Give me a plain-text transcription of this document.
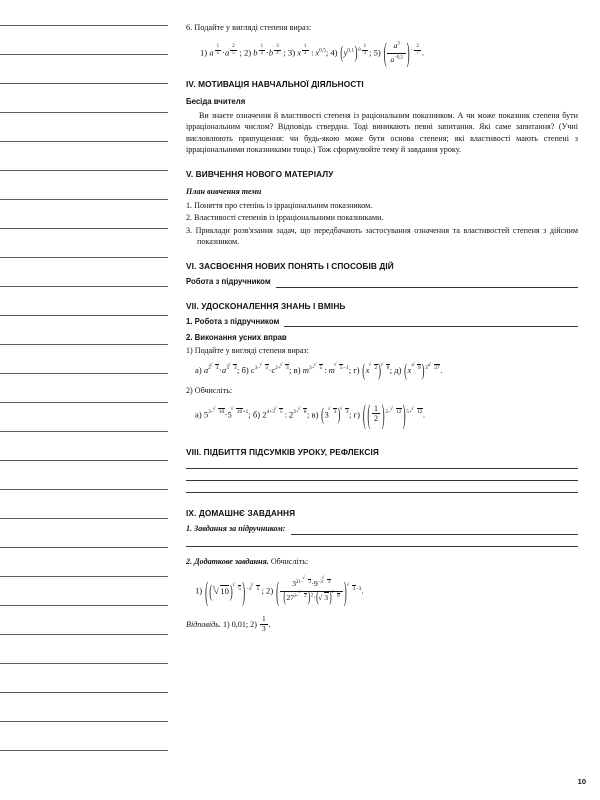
6. Подайте у вигляді степеня вираз:
1) a $^{\frac{1}{5}}$ ·a $^{\frac{2}{5}}$  ; 2) b $^{\frac{1}{2}}$ ·b $^{\frac{3}{4}}$  ; 3) x $^{\frac{1}{2}}$  : $x^{0,5}$; 4) $(y^{0,1})^{0 \frac{1}{3}}$ ; 5) ( $\frac{a^3}{a^{-0,5}} )^{- \frac{2}{7}}$ .
IV. МОТИВАЦІЯ НАВЧАЛЬНОЇ ДІЯЛЬНОСТІ
Бесіда вчителя

Ви знаєте означення й властивості степеня із раціональним показником. А чи може показник степеня бути ірраціональним числом? Відповідь ствердна. Тоді виникають певні запитання. Які саме запитання? (Учні висловлюють припущення: чи будь-якою може бути основа степеня; які властивості мають степені з ірраціональними показниками тощо.) Тож сформулюйте тему й завдання уроку.

V. ВИВЧЕННЯ НОВОГО МАТЕРІАЛУ
План вивчення теми

1. Поняття про степінь із ірраціональним показником.

2. Властивості степенів із ірраціональними показниками.

3. Приклади розв'язання задач, що передбачають застосування означення та властивостей степеня з дійсним показником.

VI. ЗАСВОЄННЯ НОВИХ ПОНЯТЬ І СПОСОБІВ ДІЙ
Робота з підручником
VII. УДОСКОНАЛЕННЯ ЗНАНЬ І ВМІНЬ
1. Робота з підручником
2. Виконання усних вправ

1) Подайте у вигляді степеня вираз:

а) $a^{2 √ 3}\cdot a^{3 √ 3}$; б) $c^{3- √ 3}\cdot c^{2+ √ 3}$; в) $m^{3+ √ 5}$ : m √ $^{5-1}$; г) (x √ $^2$) √ $^8$; д) $(x^{^4 √ 9})^{3^4 √ 27}$.

2) Обчисліть:

а) $5^{3- √ 10}\cdot 5$ √ $^{10+1}$; б) $2^{4+3 √ 5}$ : $2^{3+ √ 8}$; в) (3 √ $^3$) √ $^3$; г) ( ( $\frac{1}{2} )^{5- √ 12})^{5+ √ 12}$.
VIII. ПІДБИТТЯ ПІДСУМКІВ УРОКУ, РЕФЛЕКСІЯ
IX. ДОМАШНЄ ЗАВДАННЯ
1. Завдання за підручником:

2. Додаткове завдання. Обчисліть:

1) (($^5$ √ 10) √ $^5$)$^{-2 √ 5}$ ; 2) ( $\frac{3^{21- √ 3}\cdot 9^{-3 √ 3}}{(27^{3- √ 2})^2\cdot( √ 3) √ ^8}$ ) √ $^{3-3}$.
Відповідь. 1) 0,01; $2) \frac{1}{3}$ .
10
